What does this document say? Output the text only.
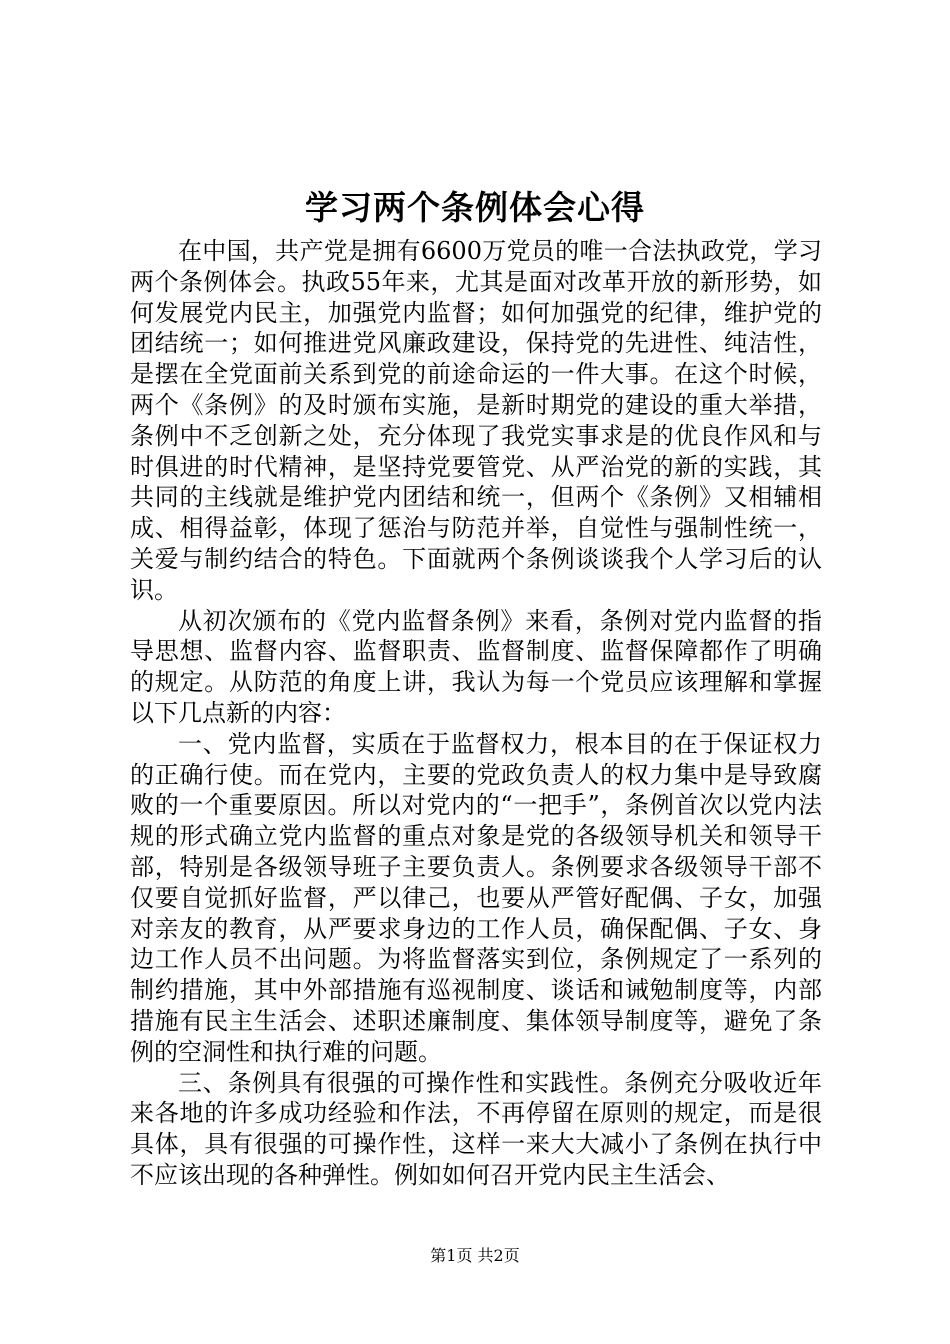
学习两个条例体会心得

在中国，共产党是拥有6600万党员的唯一合法执政党，学习两个条例体会。执政55年来，尤其是面对改革开放的新形势，如何发展党内民主，加强党内监督；如何加强党的纪律，维护党的团结统一；如何推进党风廉政建设，保持党的先进性、纯洁性，是摆在全党面前关系到党的前途命运的一件大事。在这个时候，两个《条例》的及时颁布实施，是新时期党的建设的重大举措，条例中不乏创新之处，充分体现了我党实事求是的优良作风和与时俱进的时代精神，是坚持党要管党、从严治党的新的实践，其共同的主线就是维护党内团结和统一，但两个《条例》又相辅相成、相得益彰，体现了惩治与防范并举，自觉性与强制性统一，关爱与制约结合的特色。下面就两个条例谈谈我个人学习后的认识。

从初次颁布的《党内监督条例》来看，条例对党内监督的指导思想、监督内容、监督职责、监督制度、监督保障都作了明确的规定。从防范的角度上讲，我认为每一个党员应该理解和掌握以下几点新的内容：

一、党内监督，实质在于监督权力，根本目的在于保证权力的正确行使。而在党内，主要的党政负责人的权力集中是导致腐败的一个重要原因。所以对党内的“一把手”，条例首次以党内法规的形式确立党内监督的重点对象是党的各级领导机关和领导干部，特别是各级领导班子主要负责人。条例要求各级领导干部不仅要自觉抓好监督，严以律己，也要从严管好配偶、子女，加强对亲友的教育，从严要求身边的工作人员，确保配偶、子女、身边工作人员不出问题。为将监督落实到位，条例规定了一系列的制约措施，其中外部措施有巡视制度、谈话和诫勉制度等，内部措施有民主生活会、述职述廉制度、集体领导制度等，避免了条例的空洞性和执行难的问题。

三、条例具有很强的可操作性和实践性。条例充分吸收近年来各地的许多成功经验和作法，不再停留在原则的规定，而是很具体，具有很强的可操作性，这样一来大大减小了条例在执行中不应该出现的各种弹性。例如如何召开党内民主生活会、

第1页 共2页
